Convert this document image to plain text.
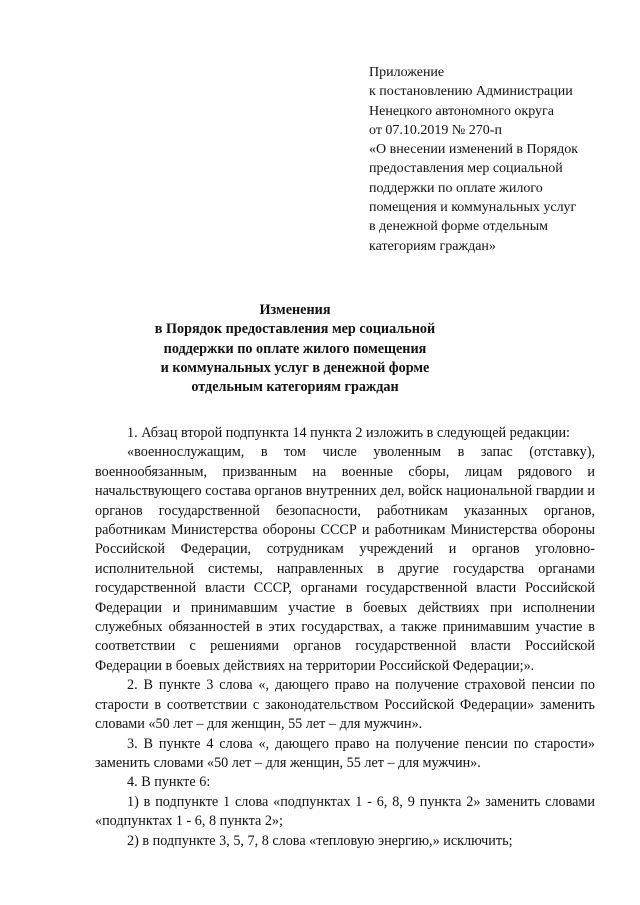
Приложение
к постановлению Администрации
Ненецкого автономного округа
от 07.10.2019 № 270-п
«О внесении изменений в Порядок
предоставления мер социальной
поддержки по оплате жилого
помещения и коммунальных услуг
в денежной форме отдельным
категориям граждан»
Изменения
в Порядок предоставления мер социальной
поддержки по оплате жилого помещения
и коммунальных услуг в денежной форме
отдельным категориям граждан

1. Абзац второй подпункта 14 пункта 2 изложить в следующей редакции:

«военнослужащим, в том числе уволенным в запас (отставку), военнообязанным, призванным на военные сборы, лицам рядового и начальствующего состава органов внутренних дел, войск национальной гвардии и органов государственной безопасности, работникам указанных органов, работникам Министерства обороны СССР и работникам Министерства обороны Российской Федерации, сотрудникам учреждений и органов уголовно-исполнительной системы, направленных в другие государства органами государственной власти СССР, органами государственной власти Российской Федерации и принимавшим участие в боевых действиях при исполнении служебных обязанностей в этих государствах, а также принимавшим участие в соответствии с решениями органов государственной власти Российской Федерации в боевых действиях на территории Российской Федерации;».

2. В пункте 3 слова «, дающего право на получение страховой пенсии по старости в соответствии с законодательством Российской Федерации» заменить словами «50 лет – для женщин, 55 лет – для мужчин».

3. В пункте 4 слова «, дающего право на получение пенсии по старости» заменить словами «50 лет – для женщин, 55 лет – для мужчин».

4. В пункте 6:

1) в подпункте 1 слова «подпунктах 1 - 6, 8, 9 пункта 2» заменить словами «подпунктах 1 - 6, 8 пункта 2»;

2) в подпункте 3, 5, 7, 8 слова «тепловую энергию,» исключить;
